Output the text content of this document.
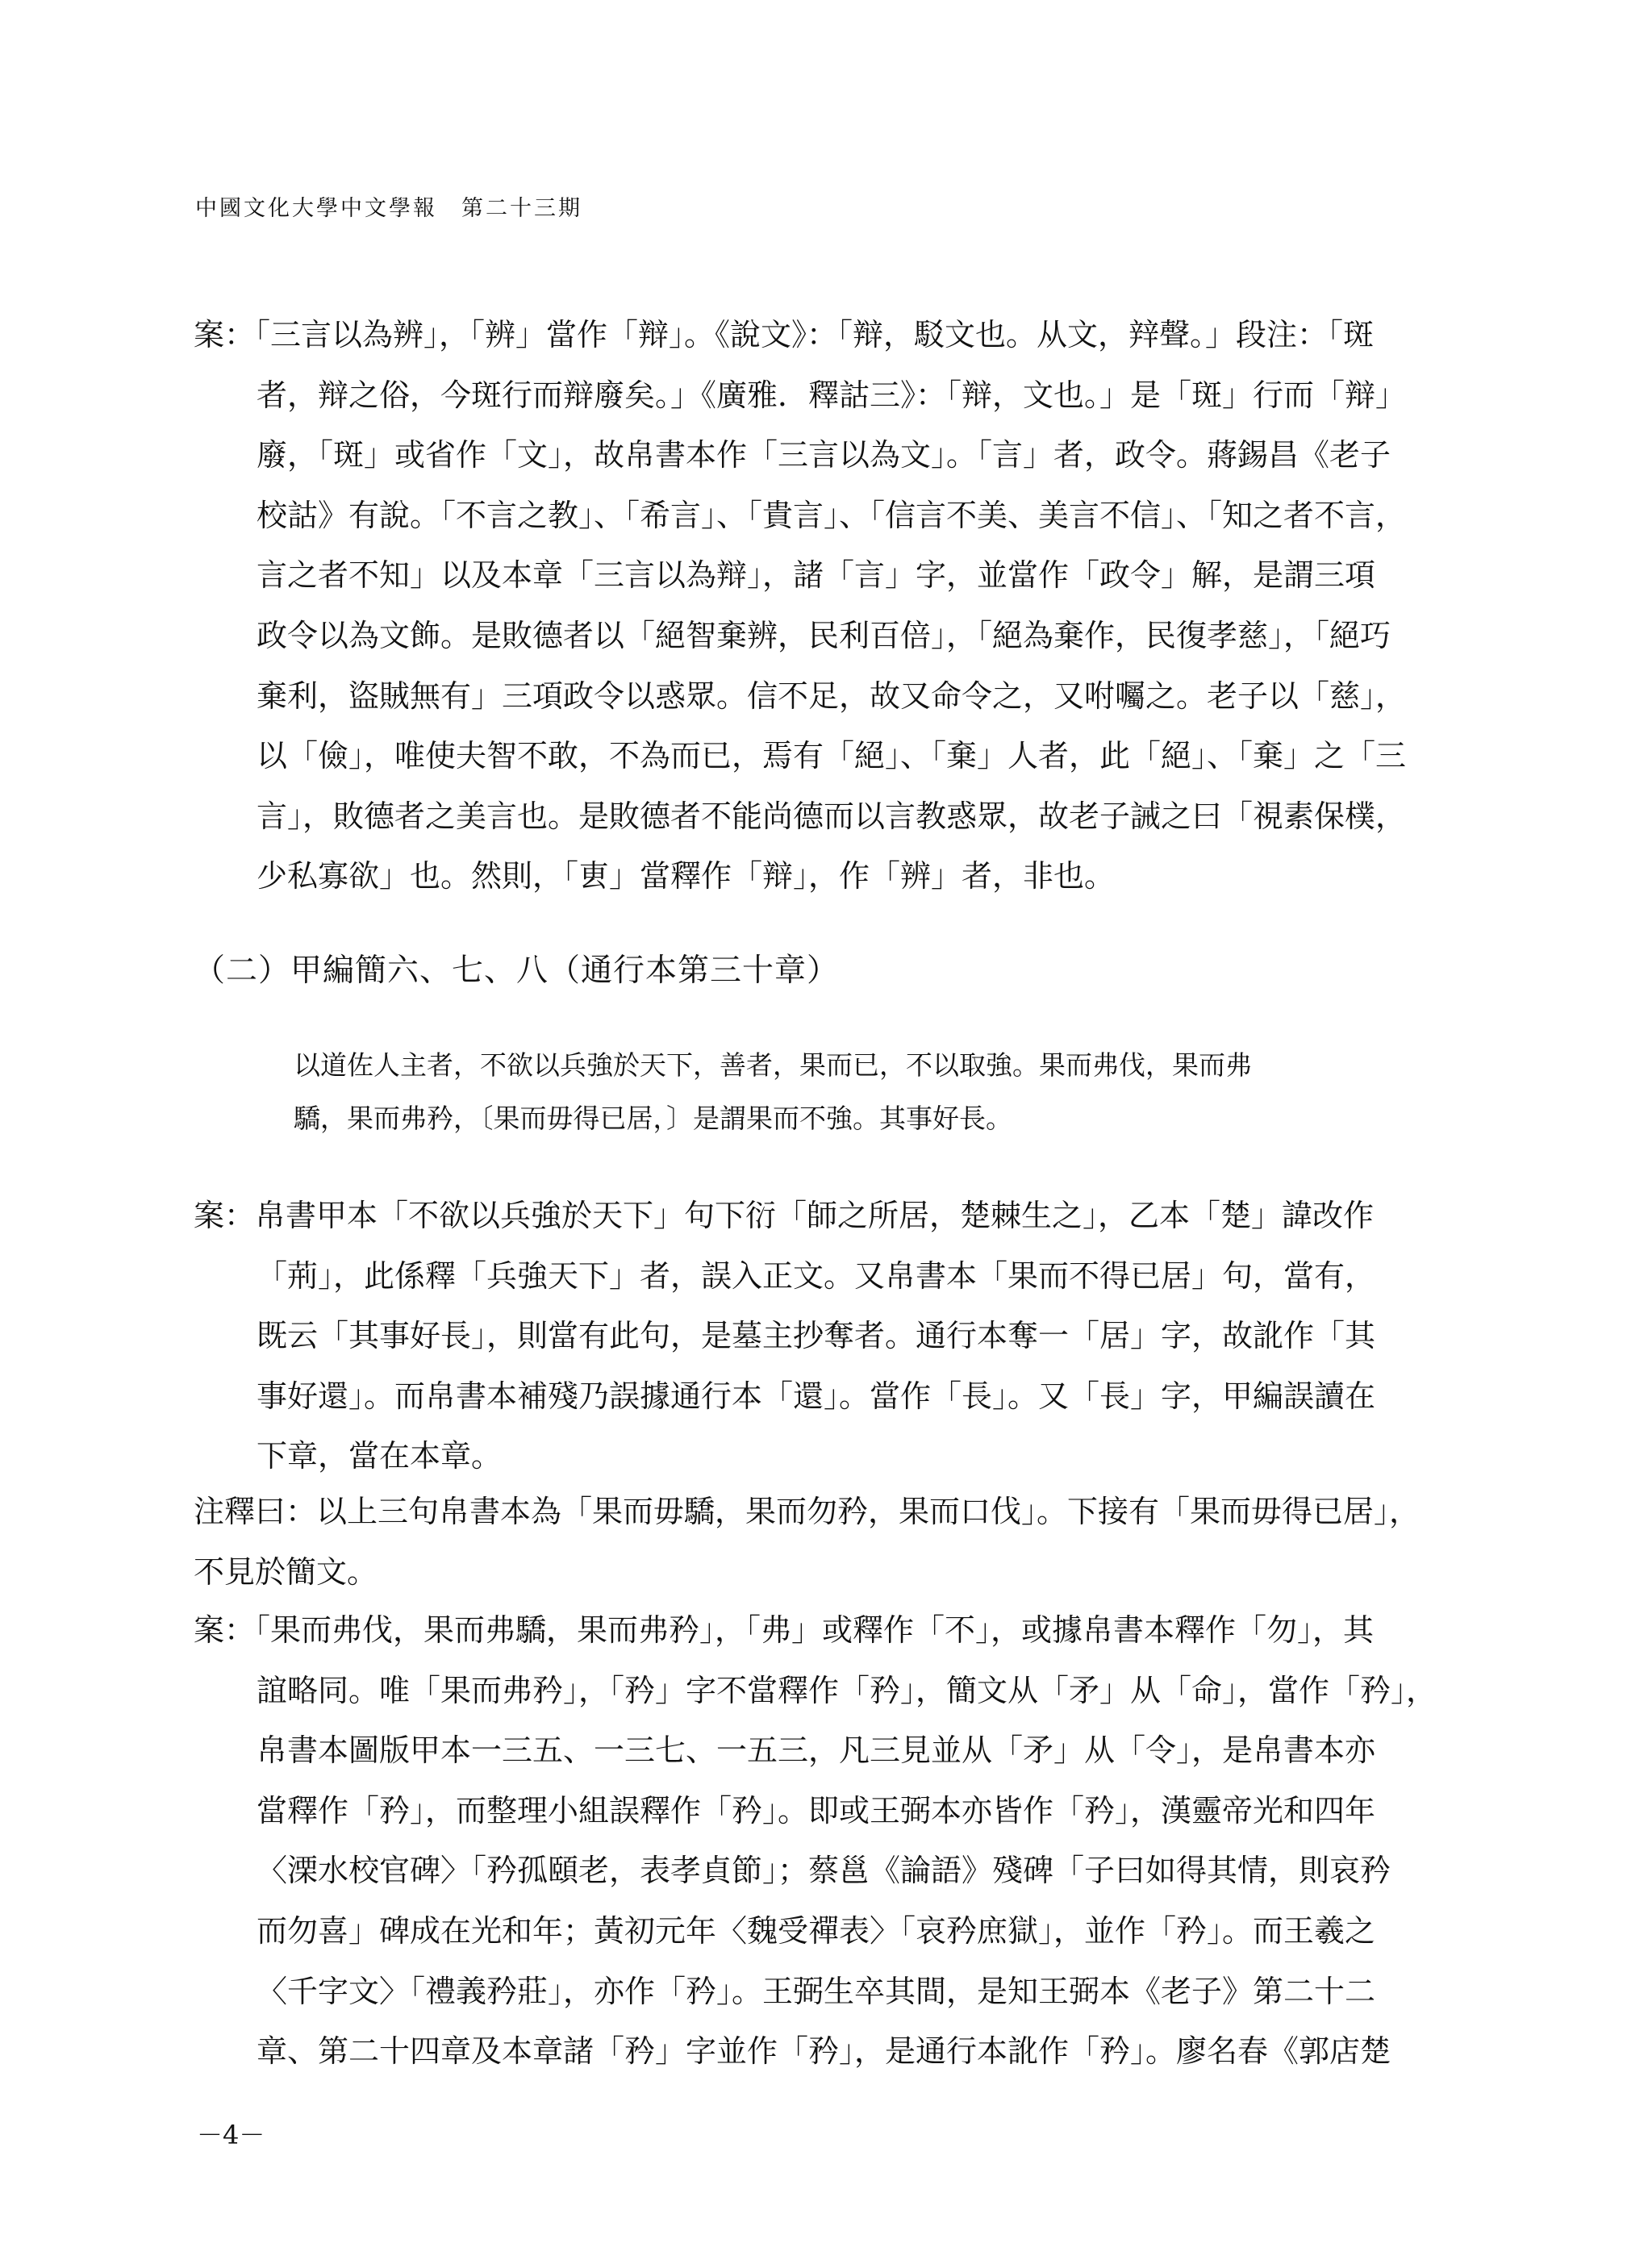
中國文化大學中文學報　第二十三期
案：「三言以為辨」，「辨」當作「辩」。《說文》：「辩，駁文也。从文，辡聲。」段注：「斑
者，辩之俗，今斑行而辩廢矣。」《廣雅．釋詁三》：「辩，文也。」是「斑」行而「辩」
廢，「斑」或省作「文」，故帛書本作「三言以為文」。「言」者，政令。蔣錫昌《老子
校詁》有說。「不言之教」、「希言」、「貴言」、「信言不美、美言不信」、「知之者不言，
言之者不知」以及本章「三言以為辩」，諸「言」字，並當作「政令」解，是謂三項
政令以為文飾。是敗德者以「絕智棄辨，民利百倍」，「絕為棄作，民復孝慈」，「絕巧
棄利，盜賊無有」三項政令以惑眾。信不足，故又命令之，又咐囑之。老子以「慈」，
以「儉」，唯使夫智不敢，不為而已，焉有「絕」、「棄」人者，此「絕」、「棄」之「三
言」，敗德者之美言也。是敗德者不能尚德而以言教惑眾，故老子誡之曰「視素保樸，
少私寡欲」也。然則，「叀」當釋作「辩」，作「辨」者，非也。
（二）甲編簡六、七、八（通行本第三十章）
以道佐人主者，不欲以兵強於天下，善者，果而已，不以取強。果而弗伐，果而弗
驕，果而弗矜，〔果而毋得已居，〕是謂果而不強。其事好長。
案：帛書甲本「不欲以兵強於天下」句下衍「師之所居，楚棘生之」，乙本「楚」諱改作
「荊」，此係釋「兵強天下」者，誤入正文。又帛書本「果而不得已居」句，當有，
既云「其事好長」，則當有此句，是墓主抄奪者。通行本奪一「居」字，故訛作「其
事好還」。而帛書本補殘乃誤據通行本「還」。當作「長」。又「長」字，甲編誤讀在
下章，當在本章。
注釋曰：以上三句帛書本為「果而毋驕，果而勿矜，果而口伐」。下接有「果而毋得已居」，
不見於簡文。
案：「果而弗伐，果而弗驕，果而弗矜」，「弗」或釋作「不」，或據帛書本釋作「勿」，其
誼略同。唯「果而弗矜」，「矜」字不當釋作「矜」，簡文从「矛」从「命」，當作「矜」，
帛書本圖版甲本一三五、一三七、一五三，凡三見並从「矛」从「令」，是帛書本亦
當釋作「矜」，而整理小組誤釋作「矜」。即或王弼本亦皆作「矜」，漢靈帝光和四年
〈溧水校官碑〉「矜孤頤老，表孝貞節」；蔡邕《論語》殘碑「子曰如得其情，則哀矜
而勿喜」碑成在光和年；黃初元年〈魏受禪表〉「哀矜庶獄」，並作「矜」。而王羲之
〈千字文〉「禮義矜莊」，亦作「矜」。王弼生卒其間，是知王弼本《老子》第二十二
章、第二十四章及本章諸「矜」字並作「矜」，是通行本訛作「矜」。廖名春《郭店楚
－4－
